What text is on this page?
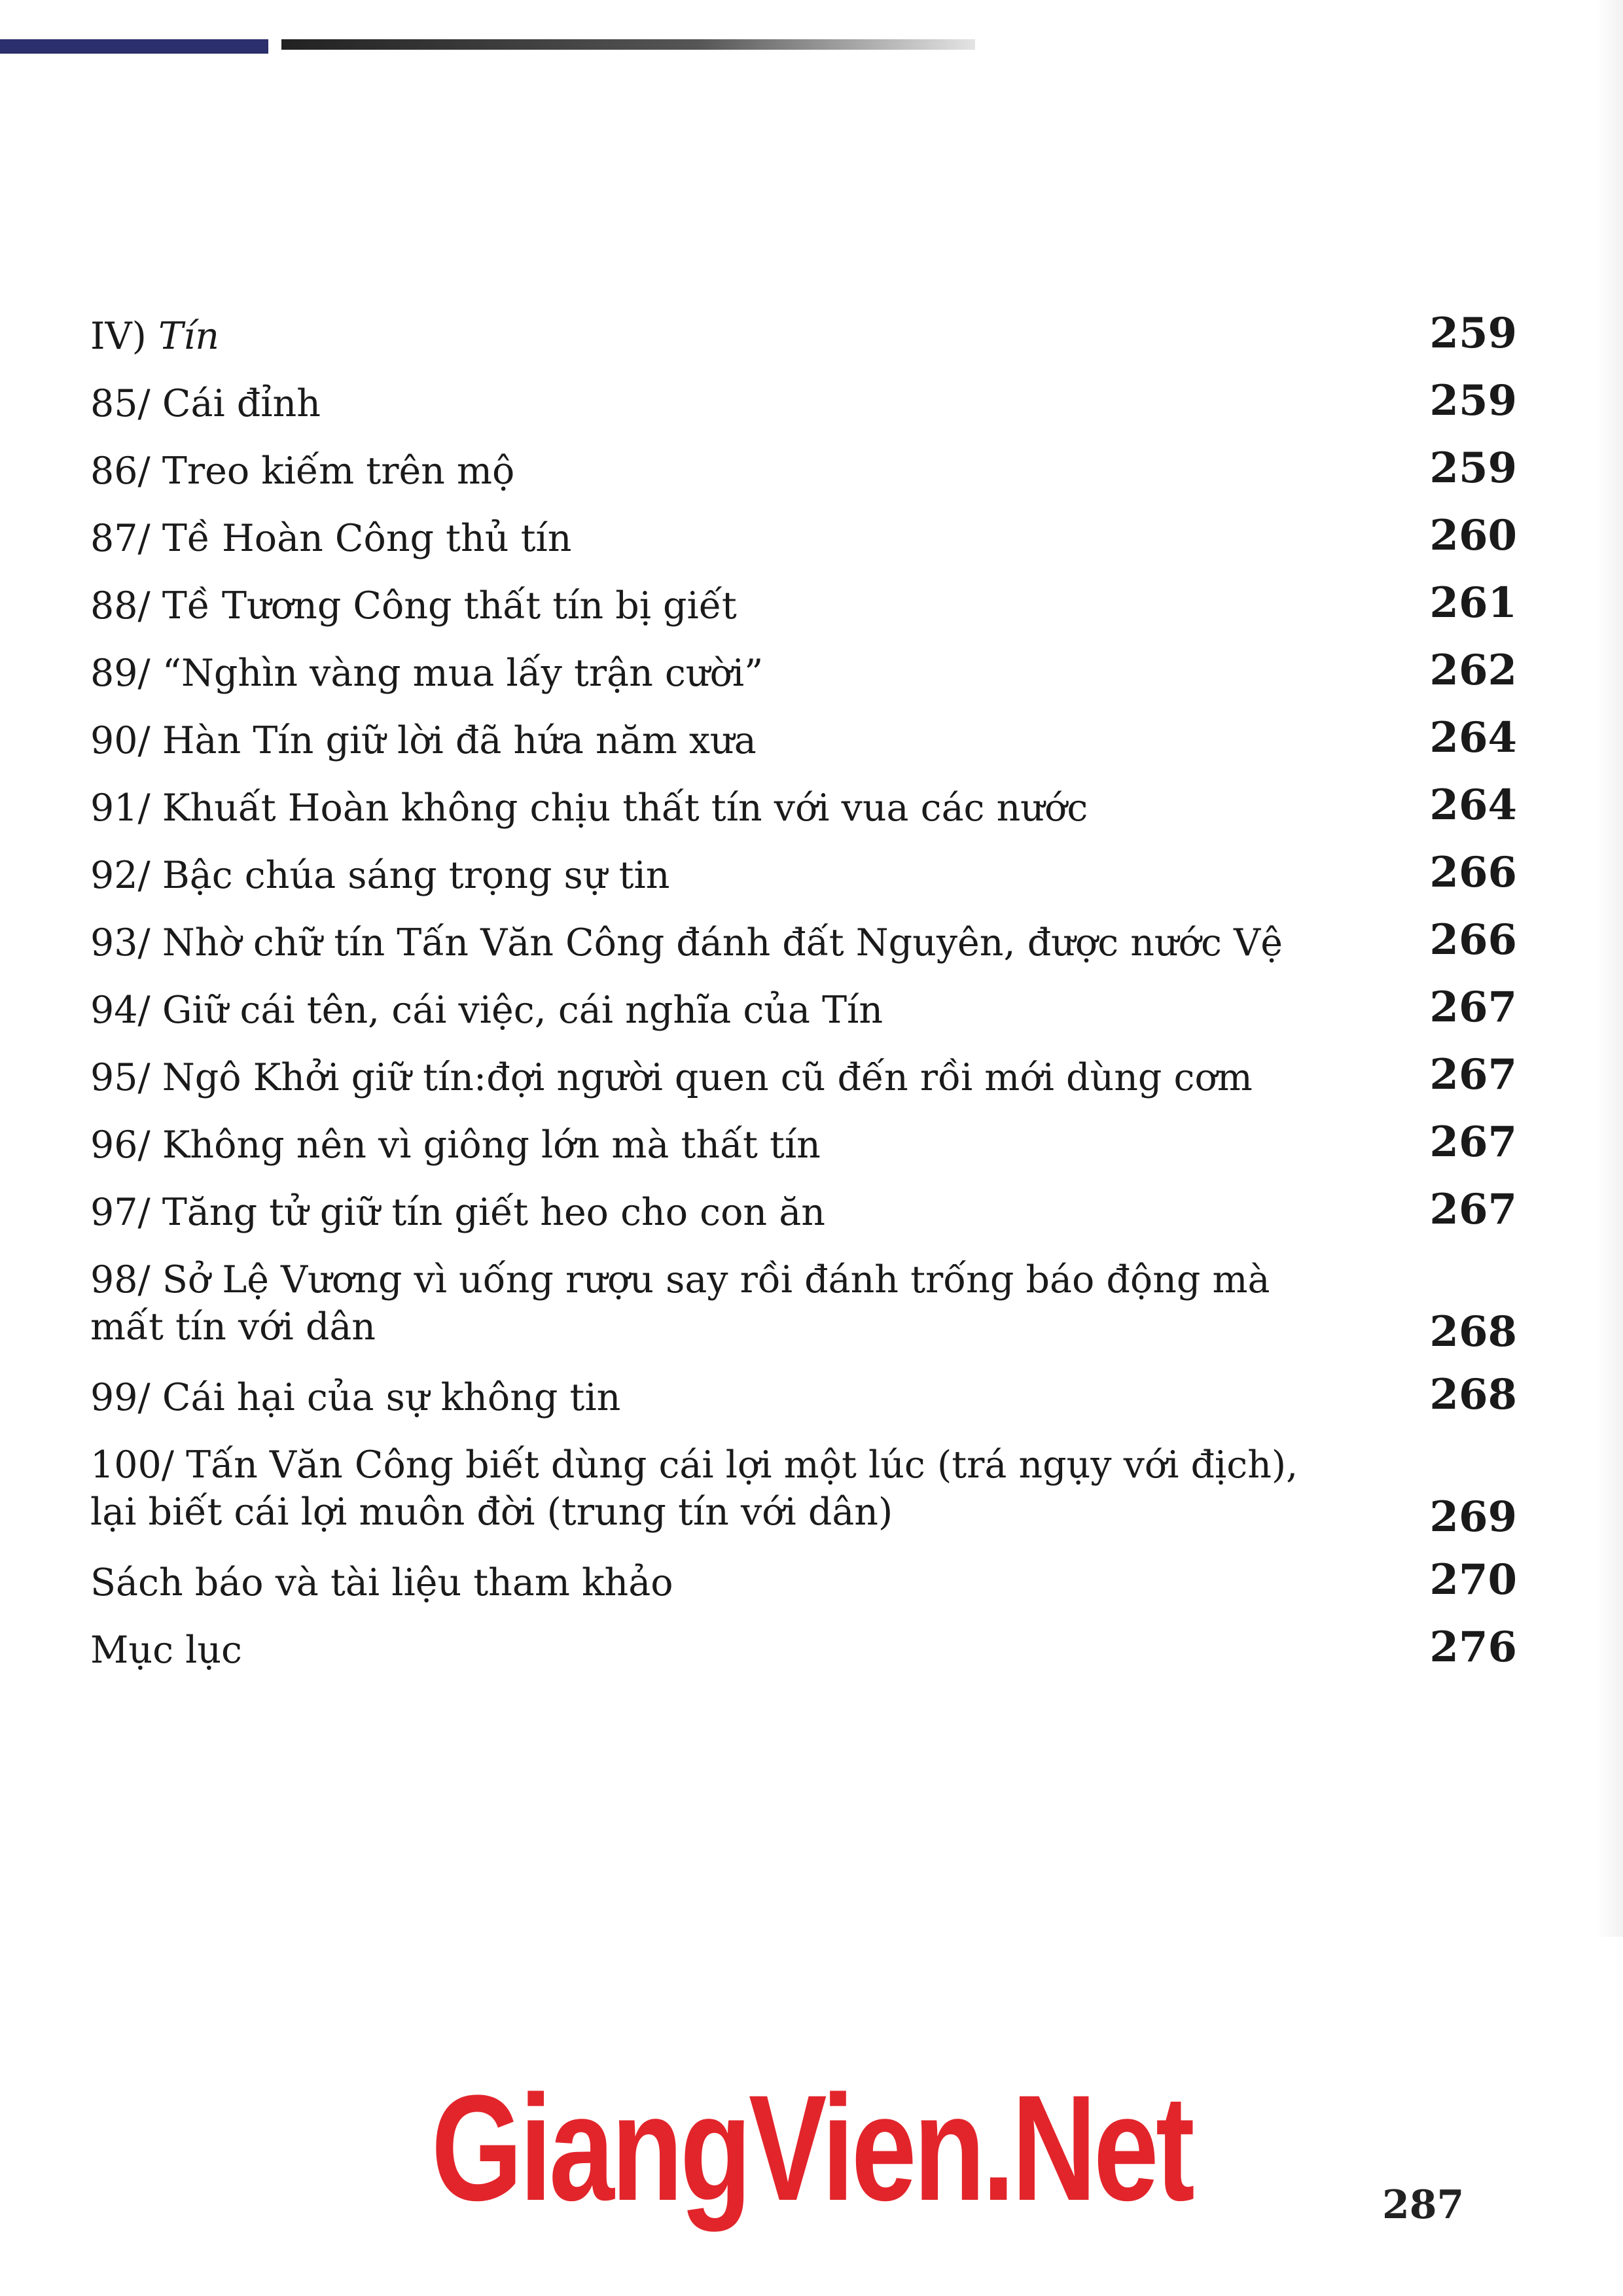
IV) Tín	259
85/ Cái đỉnh	259
86/ Treo kiếm trên mộ	259
87/ Tề Hoàn Công thủ tín	260
88/ Tề Tương Công thất tín bị giết	261
89/ “Nghìn vàng mua lấy trận cười”	262
90/ Hàn Tín giữ lời đã hứa năm xưa	264
91/ Khuất Hoàn không chịu thất tín với vua các nước	264
92/ Bậc chúa sáng trọng sự tin	266
93/ Nhờ chữ tín Tấn Văn Công đánh đất Nguyên, được nước Vệ	266
94/ Giữ cái tên, cái việc, cái nghĩa của Tín	267
95/ Ngô Khởi giữ tín:đợi người quen cũ đến rồi mới dùng cơm	267
96/ Không nên vì giông lớn mà thất tín	267
97/ Tăng tử giữ tín giết heo cho con ăn	267
98/ Sở Lệ Vương vì uống rượu say rồi đánh trống báo động mà
mất tín với dân	268
99/ Cái hại của sự không tin	268
100/ Tấn Văn Công biết dùng cái lợi một lúc (trá ngụy với địch),
lại biết cái lợi muôn đời (trung tín với dân)	269
Sách báo và tài liệu tham khảo	270
Mục lục	276
GiangVien.Net	287
